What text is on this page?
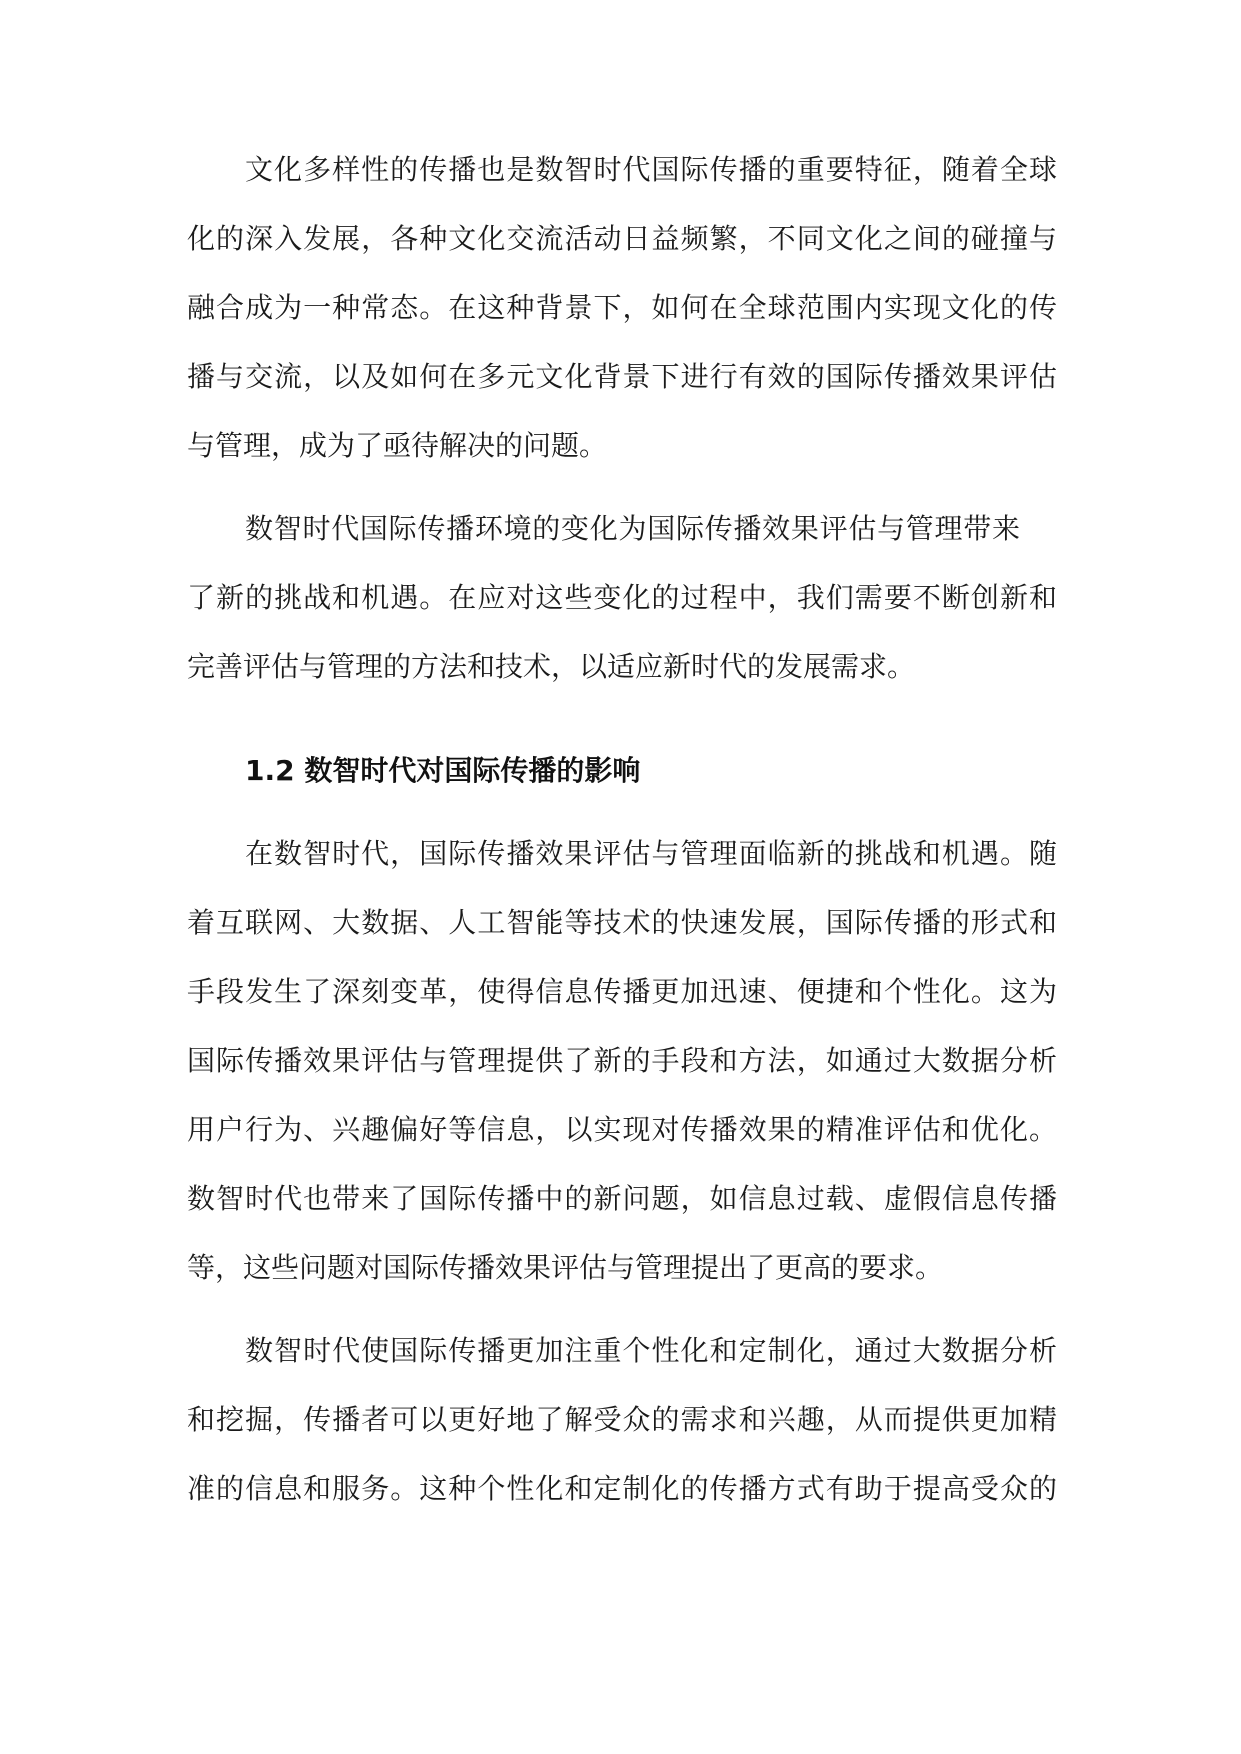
文化多样性的传播也是数智时代国际传播的重要特征，随着全球
化的深入发展，各种文化交流活动日益频繁，不同文化之间的碰撞与
融合成为一种常态。在这种背景下，如何在全球范围内实现文化的传
播与交流，以及如何在多元文化背景下进行有效的国际传播效果评估
与管理，成为了亟待解决的问题。
数智时代国际传播环境的变化为国际传播效果评估与管理带来
了新的挑战和机遇。在应对这些变化的过程中，我们需要不断创新和
完善评估与管理的方法和技术，以适应新时代的发展需求。
1.2 数智时代对国际传播的影响
在数智时代，国际传播效果评估与管理面临新的挑战和机遇。随
着互联网、大数据、人工智能等技术的快速发展，国际传播的形式和
手段发生了深刻变革，使得信息传播更加迅速、便捷和个性化。这为
国际传播效果评估与管理提供了新的手段和方法，如通过大数据分析
用户行为、兴趣偏好等信息，以实现对传播效果的精准评估和优化。
数智时代也带来了国际传播中的新问题，如信息过载、虚假信息传播
等，这些问题对国际传播效果评估与管理提出了更高的要求。
数智时代使国际传播更加注重个性化和定制化，通过大数据分析
和挖掘，传播者可以更好地了解受众的需求和兴趣，从而提供更加精
准的信息和服务。这种个性化和定制化的传播方式有助于提高受众的
